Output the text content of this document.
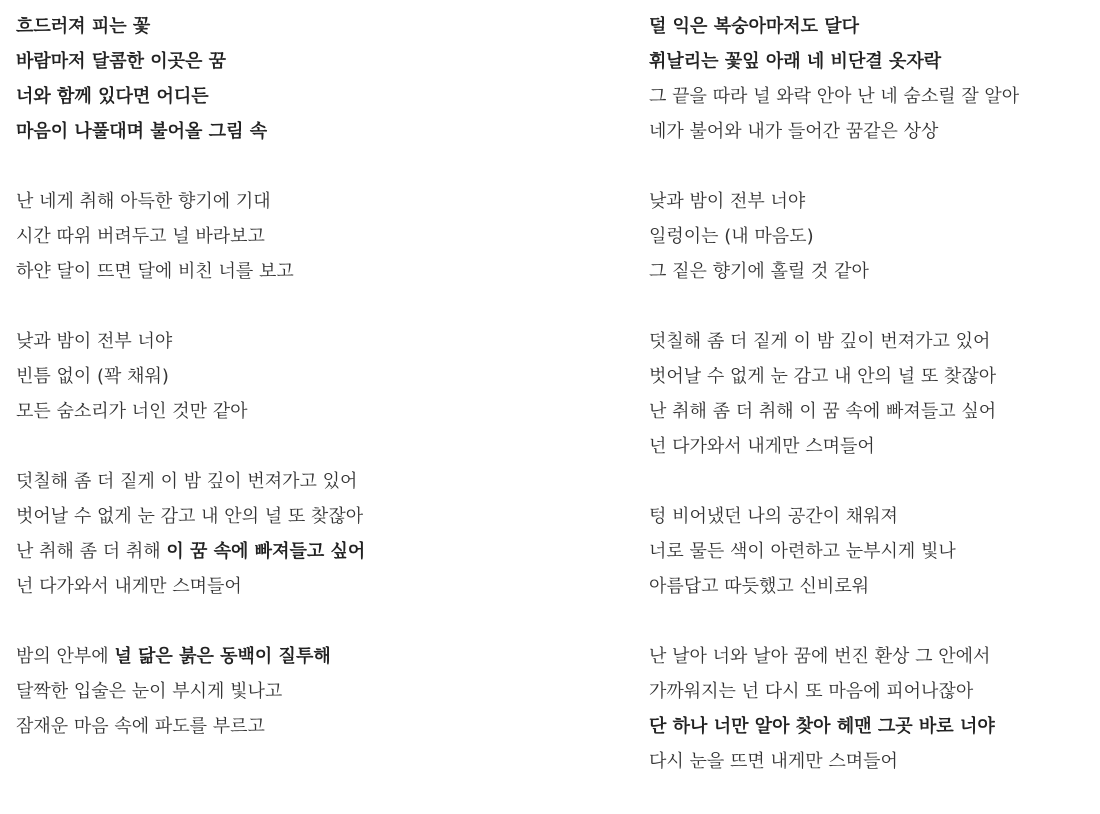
흐드러져 피는 꽃
바람마저 달콤한 이곳은 꿈
너와 함께 있다면 어디든
마음이 나풀대며 불어올 그림 속
난 네게 취해 아득한 향기에 기대
시간 따위 버려두고 널 바라보고
하얀 달이 뜨면 달에 비친 너를 보고
낮과 밤이 전부 너야
빈틈 없이 (꽉 채워)
모든 숨소리가 너인 것만 같아
덧칠해 좀 더 짙게 이 밤 깊이 번져가고 있어
벗어날 수 없게 눈 감고 내 안의 널 또 찾잖아
난 취해 좀 더 취해 이 꿈 속에 빠져들고 싶어
넌 다가와서 내게만 스며들어
밤의 안부에 널 닮은 붉은 동백이 질투해
달짝한 입술은 눈이 부시게 빛나고
잠재운 마음 속에 파도를 부르고
덜 익은 복숭아마저도 달다
휘날리는 꽃잎 아래 네 비단결 옷자락
그 끝을 따라 널 와락 안아 난 네 숨소릴 잘 알아
네가 불어와 내가 들어간 꿈같은 상상
낮과 밤이 전부 너야
일렁이는 (내 마음도)
그 짙은 향기에 홀릴 것 같아
덧칠해 좀 더 짙게 이 밤 깊이 번져가고 있어
벗어날 수 없게 눈 감고 내 안의 널 또 찾잖아
난 취해 좀 더 취해 이 꿈 속에 빠져들고 싶어
넌 다가와서 내게만 스며들어
텅 비어냈던 나의 공간이 채워져
너로 물든 색이 아련하고 눈부시게 빛나
아름답고 따듯했고 신비로워
난 날아 너와 날아 꿈에 번진 환상 그 안에서
가까워지는 넌 다시 또 마음에 피어나잖아
단 하나 너만 알아 찾아 헤맨 그곳 바로 너야
다시 눈을 뜨면 내게만 스며들어
